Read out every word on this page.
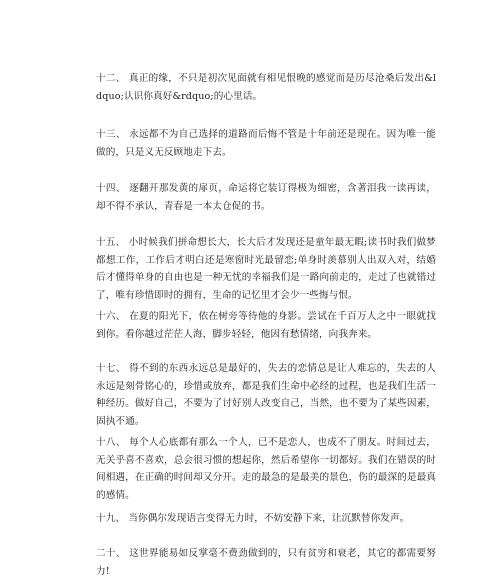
十二、 真正的缘，不只是初次见面就有相见恨晚的感觉而是历尽沧桑后发出&ldquo;认识你真好&rdquo;的心里话。

十三、 永远都不为自己选择的道路而后悔不管是十年前还是现在。因为唯一能做的，只是义无反顾地走下去。

十四、 逐翻开那发黄的扉页，命运将它装订得极为细密，含著泪我一读再读，却不得不承认，青春是一本太仓促的书。

十五、 小时候我们拼命想长大，长大后才发现还是童年最无暇;读书时我们做梦都想工作，工作后才明白还是寒窗时光最留恋;单身时羡慕别人出双入对，结婚后才懂得单身的自由也是一种无忧的幸福我们是一路向前走的，走过了也就错过了，唯有珍惜即时的拥有，生命的记忆里才会少一些悔与恨。

十六、 在夏的阳光下，依在树旁等待他的身影。尝试在千百万人之中一眼就找到你。看你越过茫茫人海，脚步轻轻，他因有愁情绪，向我奔来。

十七、 得不到的东西永远总是最好的，失去的恋情总是让人难忘的，失去的人永远是刻骨铭心的，珍惜或放弃，都是我们生命中必经的过程，也是我们生活一种经历。做好自己，不要为了讨好别人改变自己，当然，也不要为了某些因素，固执不通。

十八、 每个人心底都有那么一个人，已不是恋人，也成不了朋友。时间过去，无关乎喜不喜欢，总会很习惯的想起你，然后希望你一切都好。我们在错误的时间相遇，在正确的时间却又分开。走的最急的是最美的景色，伤的最深的是最真的感情。

十九、 当你偶尔发现语言变得无力时，不妨安静下来，让沉默替你发声。

二十、 这世界能易如反掌毫不费劲做到的，只有贫穷和衰老，其它的都需要努力!
